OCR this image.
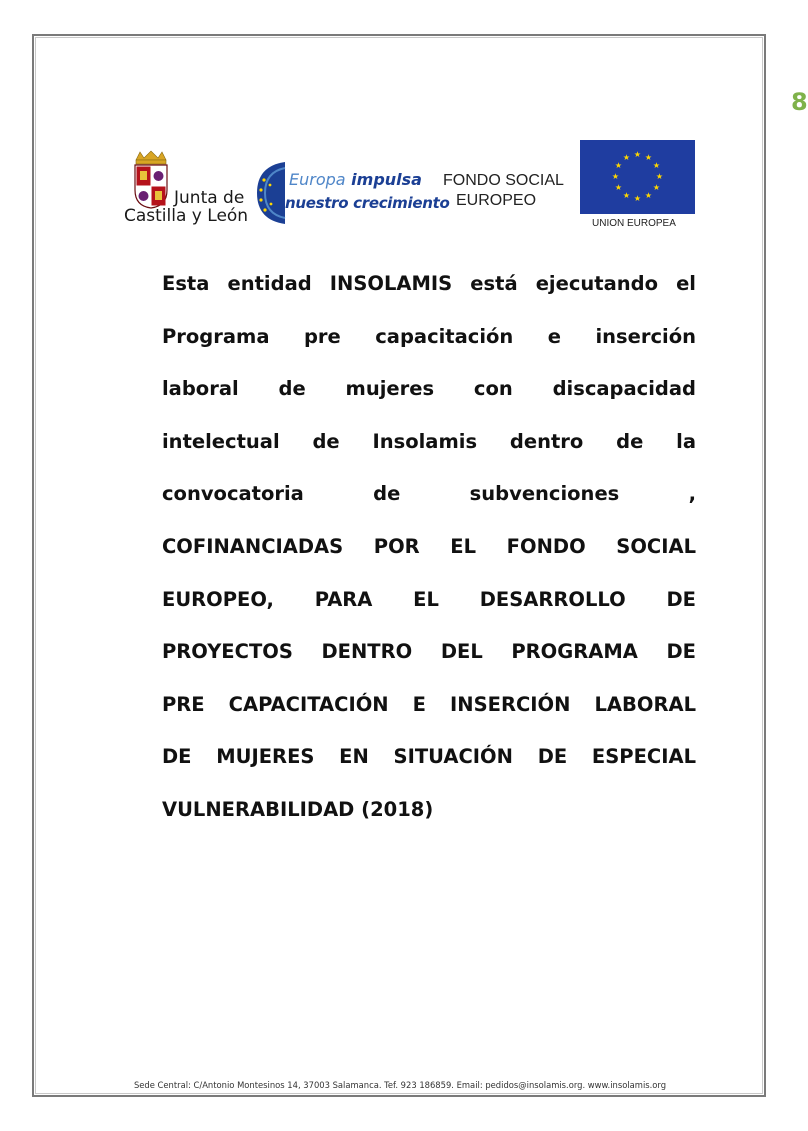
8
Junta de
Castilla y León
Europa impulsa
nuestro crecimiento
FONDO SOCIAL
EUROPEO
★ ★
★
★
★
★
★
★
★
★
★
★
UNION EUROPEA
Esta entidad INSOLAMIS está ejecutando el
Programa pre capacitación e inserción
laboral de mujeres con discapacidad
intelectual de Insolamis dentro de la
convocatoria de subvenciones ,
COFINANCIADAS POR EL FONDO SOCIAL
EUROPEO, PARA EL DESARROLLO DE
PROYECTOS DENTRO DEL PROGRAMA DE
PRE CAPACITACIÓN E INSERCIÓN LABORAL
DE MUJERES EN SITUACIÓN DE ESPECIAL
VULNERABILIDAD (2018)
Sede Central: C/Antonio Montesinos 14, 37003 Salamanca. Tef. 923 186859. Email: pedidos@insolamis.org. www.insolamis.org
